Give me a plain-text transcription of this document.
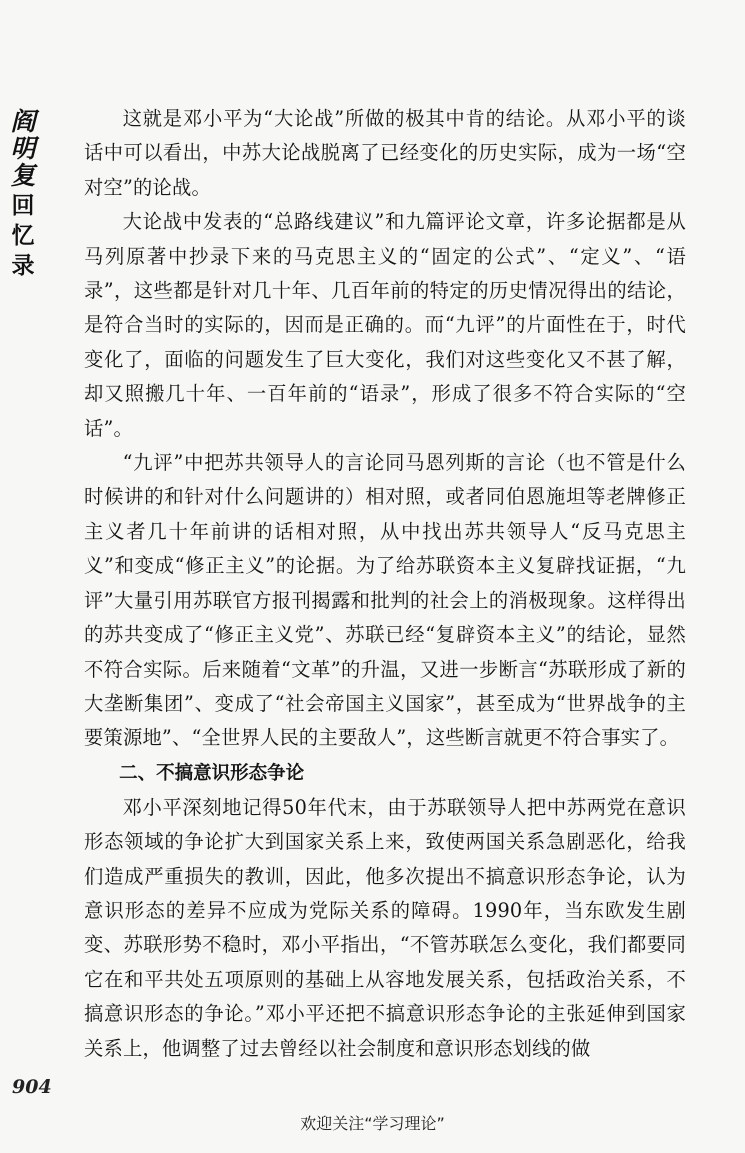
阎
明
复
回
忆
录

这就是邓小平为“大论战”所做的极其中肯的结论。从邓小平的谈话中可以看出，中苏大论战脱离了已经变化的历史实际，成为一场“空对空”的论战。

大论战中发表的“总路线建议”和九篇评论文章，许多论据都是从马列原著中抄录下来的马克思主义的“固定的公式”、“定义”、“语录”，这些都是针对几十年、几百年前的特定的历史情况得出的结论，是符合当时的实际的，因而是正确的。而“九评”的片面性在于，时代变化了，面临的问题发生了巨大变化，我们对这些变化又不甚了解，却又照搬几十年、一百年前的“语录”，形成了很多不符合实际的“空话”。

“九评”中把苏共领导人的言论同马恩列斯的言论（也不管是什么时候讲的和针对什么问题讲的）相对照，或者同伯恩施坦等老牌修正主义者几十年前讲的话相对照，从中找出苏共领导人“反马克思主义”和变成“修正主义”的论据。为了给苏联资本主义复辟找证据，“九评”大量引用苏联官方报刊揭露和批判的社会上的消极现象。这样得出的苏共变成了“修正主义党”、苏联已经“复辟资本主义”的结论，显然不符合实际。后来随着“文革”的升温，又进一步断言“苏联形成了新的大垄断集团”、变成了“社会帝国主义国家”，甚至成为“世界战争的主要策源地”、“全世界人民的主要敌人”，这些断言就更不符合事实了。

二、不搞意识形态争论

邓小平深刻地记得50年代末，由于苏联领导人把中苏两党在意识形态领域的争论扩大到国家关系上来，致使两国关系急剧恶化，给我们造成严重损失的教训，因此，他多次提出不搞意识形态争论，认为意识形态的差异不应成为党际关系的障碍。1990年，当东欧发生剧变、苏联形势不稳时，邓小平指出，“不管苏联怎么变化，我们都要同它在和平共处五项原则的基础上从容地发展关系，包括政治关系，不搞意识形态的争论。”邓小平还把不搞意识形态争论的主张延伸到国家关系上，他调整了过去曾经以社会制度和意识形态划线的做

904
欢迎关注“学习理论”
